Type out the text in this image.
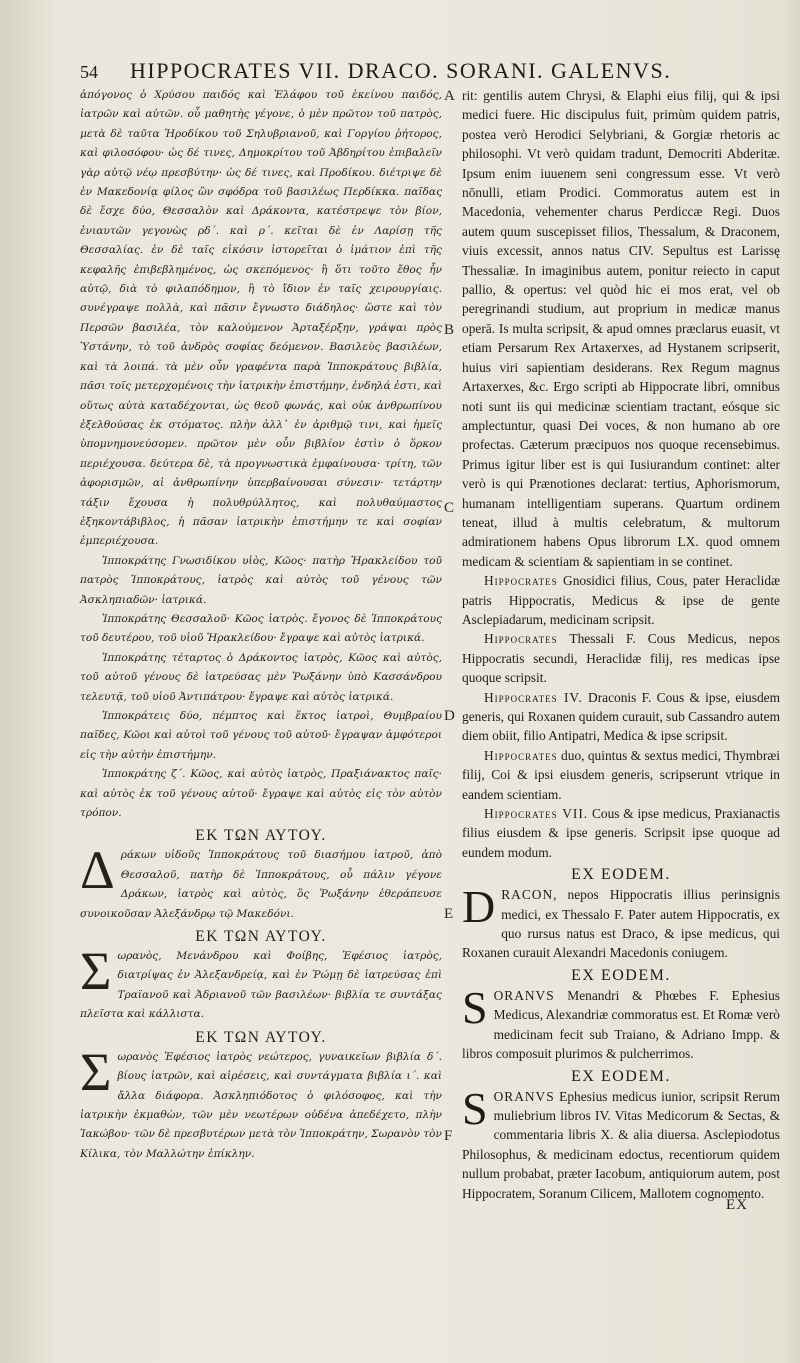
54 HIPPOCRATES VII. DRACO. SORANI. GALENVS.

ἀπόγονος ὁ Χρύσου παιδός καὶ Ἐλάφου τοῦ ἐκείνου παιδός, ἰατρῶν καὶ αὐτῶν. οὗ μαθητὴς γέγονε, ὁ μὲν πρῶτον τοῦ πατρὸς, μετὰ δὲ ταῦτα Ἡροδίκου τοῦ Σηλυβριανοῦ, καὶ Γοργίου ῥήτορος, καὶ φιλοσόφου· ὡς δέ τινες, Δημοκρίτου τοῦ Ἀβδηρίτου ἐπιβαλεῖν γὰρ αὐτῷ νέῳ πρεσβύτην· ὡς δέ τινες, καὶ Προδίκου. διέτριψε δὲ ἐν Μακεδονίᾳ φίλος ὢν σφόδρα τοῦ βασιλέως Περδίκκα. παῖδας δὲ ἔσχε δύο, Θεσσαλὸν καὶ Δράκοντα, κατέστρεψε τὸν βίον, ἐνιαυτῶν γεγονὼς ρδ´. καὶ ρ´. κεῖται δὲ ἐν Λαρίσῃ τῆς Θεσσαλίας. ἐν δὲ ταῖς εἰκόσιν ἱστορεῖται ὁ ἱμάτιον ἐπὶ τῆς κεφαλῆς ἐπιβεβλημένος, ὡς σκεπόμενος· ἢ ὅτι τοῦτο ἔθος ἦν αὐτῷ, διὰ τὸ φιλαπόδημον, ἢ τὸ ἴδιον ἐν ταῖς χειρουργίαις. συνέγραψε πολλὰ, καὶ πᾶσιν ἔγνωστο διάδηλος· ὥστε καὶ τὸν Περσῶν βασιλέα, τὸν καλούμενον Ἀρταξέρξην, γράψαι πρὸς Ὑστάνην, τὸ τοῦ ἀνδρὸς σοφίας δεόμενον. Βασιλεὺς βασιλέων, καὶ τὰ λοιπά. τὰ μὲν οὖν γραφέντα παρὰ Ἱπποκράτους βιβλία, πᾶσι τοῖς μετερχομένοις τὴν ἰατρικὴν ἐπιστήμην, ἐνδηλά ἐστι, καὶ οὕτως αὐτὰ καταδέχονται, ὡς θεοῦ φωνάς, καὶ οὐκ ἀνθρωπίνου ἐξελθούσας ἐκ στόματος. πλὴν ἀλλ᾽ ἐν ἀριθμῷ τινι, καὶ ἡμεῖς ὑπομνημονεύσομεν. πρῶτον μὲν οὖν βιβλίον ἐστὶν ὁ ὅρκον περιέχουσα. δεύτερα δὲ, τὰ προγνωστικὰ ἐμφαίνουσα· τρίτη, τῶν ἀφορισμῶν, αἱ ἀνθρωπίνην ὑπερβαίνουσαι σύνεσιν· τετάρτην τάξιν ἔχουσα ἡ πολυθρύλλητος, καὶ πολυθαύμαστος ἑξηκοντάβιβλος, ἡ πᾶσαν ἰατρικὴν ἐπιστήμην τε καὶ σοφίαν ἐμπεριέχουσα.

Ἱπποκράτης Γνωσιδίκου υἱὸς, Κῶος· πατὴρ Ἡρακλείδου τοῦ πατρὸς Ἱπποκράτους, ἰατρὸς καὶ αὐτὸς τοῦ γένους τῶν Ἀσκληπιαδῶν· ἰατρικά.

Ἱπποκράτης Θεσσαλοῦ· Κῶος ἰατρὸς. ἔγονος δὲ Ἱπποκράτους τοῦ δευτέρου, τοῦ υἱοῦ Ἡρακλείδου· ἔγραψε καὶ αὐτὸς ἰατρικά.

Ἱπποκράτης τέταρτος ὁ Δράκοντος ἰατρὸς, Κῶος καὶ αὐτὸς, τοῦ αὐτοῦ γένους δὲ ἰατρεύσας μὲν Ῥωξάνην ὑπὸ Κασσάνδρου τελευτᾷ, τοῦ υἱοῦ Ἀντιπάτρου· ἔγραψε καὶ αὐτὸς ἰατρικά.

Ἱπποκράτεις δύο, πέμπτος καὶ ἕκτος ἰατροὶ, Θυμβραίου παῖδες, Κῶοι καὶ αὐτοὶ τοῦ γένους τοῦ αὐτοῦ· ἔγραψαν ἀμφότεροι εἰς τὴν αὐτὴν ἐπιστήμην.

Ἱπποκράτης ζ´. Κῶος, καὶ αὐτὸς ἰατρὸς, Πραξιάνακτος παῖς· καὶ αὐτὸς ἐκ τοῦ γένους αὐτοῦ· ἔγραψε καὶ αὐτὸς εἰς τὸν αὐτὸν τρόπον.

ΕΚ ΤΩΝ ΑΥΤΟΥ.

Δράκων υἱδοῦς Ἱπποκράτους τοῦ διασήμου ἰατροῦ, ἀπὸ Θεσσαλοῦ, πατὴρ δὲ Ἱπποκράτους, οὗ πάλιν γέγονε Δράκων, ἰατρὸς καὶ αὐτὸς, ὃς Ῥωξάνην ἐθεράπευσε συνοικοῦσαν Ἀλεξάνδρῳ τῷ Μακεδόνι.

ΕΚ ΤΩΝ ΑΥΤΟΥ.

Σωρανὸς, Μενάνδρου καὶ Φοίβης, Ἐφέσιος ἰατρὸς, διατρίψας ἐν Ἀλεξανδρείᾳ, καὶ ἐν Ῥώμῃ δὲ ἰατρεύσας ἐπὶ Τραϊανοῦ καὶ Ἀδριανοῦ τῶν βασιλέων· βιβλία τε συντάξας πλεῖστα καὶ κάλλιστα.

ΕΚ ΤΩΝ ΑΥΤΟΥ.

Σωρανὸς Ἐφέσιος ἰατρὸς νεώτερος, γυναικεῖων βιβλία δ´. βίους ἰατρῶν, καὶ αἱρέσεις, καὶ συντάγματα βιβλία ι´. καὶ ἄλλα διάφορα. Ἀσκληπιόδοτος ὁ φιλόσοφος, καὶ τὴν ἰατρικὴν ἐκμαθὼν, τῶν μὲν νεωτέρων οὐδένα ἀπεδέχετο, πλὴν Ἰακώβου· τῶν δὲ πρεσβυτέρων μετὰ τὸν Ἱπποκράτην, Σωρανὸν τὸν Κίλικα, τὸν Μαλλώτην ἐπίκλην.

A
B
C
D
E
F

rit: gentilis autem Chrysi, & Elaphi eius filij, qui & ipsi medici fuere. Hic discipulus fuit, primùm quidem patris, postea verò Herodici Selybriani, & Gorgiæ rhetoris ac philosophi. Vt verò quidam tradunt, Democriti Abderitæ. Ipsum enim iuuenem seni congressum esse. Vt verò nōnulli, etiam Prodici. Commoratus autem est in Macedonia, vehementer charus Perdiccæ Regi. Duos autem quum suscepisset filios, Thessalum, & Draconem, viuis excessit, annos natus CIV. Sepultus est Larissę Thessaliæ. In imaginibus autem, ponitur reiecto in caput pallio, & opertus: vel quòd hic ei mos erat, vel ob peregrinandi studium, aut proprium in medicæ manus operā. Is multa scripsit, & apud omnes præclarus euasit, vt etiam Persarum Rex Artaxerxes, ad Hystanem scripserit, huius viri sapientiam desiderans. Rex Regum magnus Artaxerxes, &c. Ergo scripti ab Hippocrate libri, omnibus noti sunt iis qui medicinæ scientiam tractant, eósque sic amplectuntur, quasi Dei voces, & non humano ab ore profectas. Cæterum præcipuos nos quoque recensebimus. Primus igitur liber est is qui Iusiurandum continet: alter verò is qui Prænotiones declarat: tertius, Aphorismorum, humanam intelligentiam superans. Quartum ordinem teneat, illud à multis celebratum, & multorum admirationem habens Opus librorum LX. quod omnem medicam & scientiam & sapientiam in se continet.

Hippocrates Gnosidici filius, Cous, pater Heraclidæ patris Hippocratis, Medicus & ipse de gente Asclepiadarum, medicinam scripsit.

Hippocrates Thessali F. Cous Medicus, nepos Hippocratis secundi, Heraclidæ filij, res medicas ipse quoque scripsit.

Hippocrates IV. Draconis F. Cous & ipse, eiusdem generis, qui Roxanen quidem curauit, sub Cassandro autem diem obiit, filio Antipatri, Medica & ipse scripsit.

Hippocrates duo, quintus & sextus medici, Thymbræi filij, Coi & ipsi eiusdem generis, scripserunt vtrique in eandem scientiam.

Hippocrates VII. Cous & ipse medicus, Praxianactis filius eiusdem & ipse generis. Scripsit ipse quoque ad eundem modum.

EX EODEM.

DRACON, nepos Hippocratis illius perinsignis medici, ex Thessalo F. Pater autem Hippocratis, ex quo rursus natus est Draco, & ipse medicus, qui Roxanen curauit Alexandri Macedonis coniugem.

EX EODEM.

SORANVS Menandri & Phœbes F. Ephesius Medicus, Alexandriæ commoratus est. Et Romæ verò medicinam fecit sub Traiano, & Adriano Impp. & libros composuit plurimos & pulcherrimos.

EX EODEM.

SORANVS Ephesius medicus iunior, scripsit Rerum muliebrium libros IV. Vitas Medicorum & Sectas, & commentaria libris X. & alia diuersa. Asclepiodotus Philosophus, & medicinam edoctus, recentiorum quidem nullum probabat, præter Iacobum, antiquiorum autem, post Hippocratem, Soranum Cilicem, Mallotem cognomento.

EX
